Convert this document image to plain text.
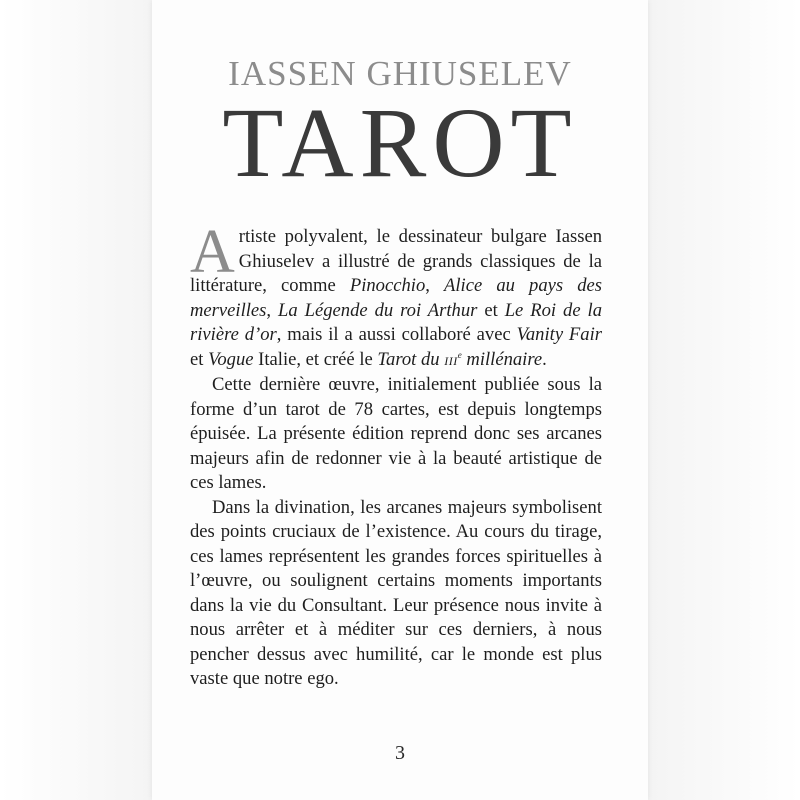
IASSEN GHIUSELEV
TAROT

Artiste polyvalent, le dessinateur bulgare Iassen Ghiuselev a illustré de grands classiques de la littérature, comme Pinocchio, Alice au pays des merveilles, La Légende du roi Arthur et Le Roi de la rivière d’or, mais il a aussi collaboré avec Vanity Fair et Vogue Italie, et créé le Tarot du IIIe millénaire.

Cette dernière œuvre, initialement publiée sous la forme d’un tarot de 78 cartes, est depuis longtemps épuisée. La présente édition reprend donc ses arcanes majeurs afin de redonner vie à la beauté artistique de ces lames.

Dans la divination, les arcanes majeurs symbolisent des points cruciaux de l’existence. Au cours du tirage, ces lames représentent les grandes forces spirituelles à l’œuvre, ou soulignent certains moments importants dans la vie du Consultant. Leur présence nous invite à nous arrêter et à méditer sur ces derniers, à nous pencher dessus avec humilité, car le monde est plus vaste que notre ego.

3
